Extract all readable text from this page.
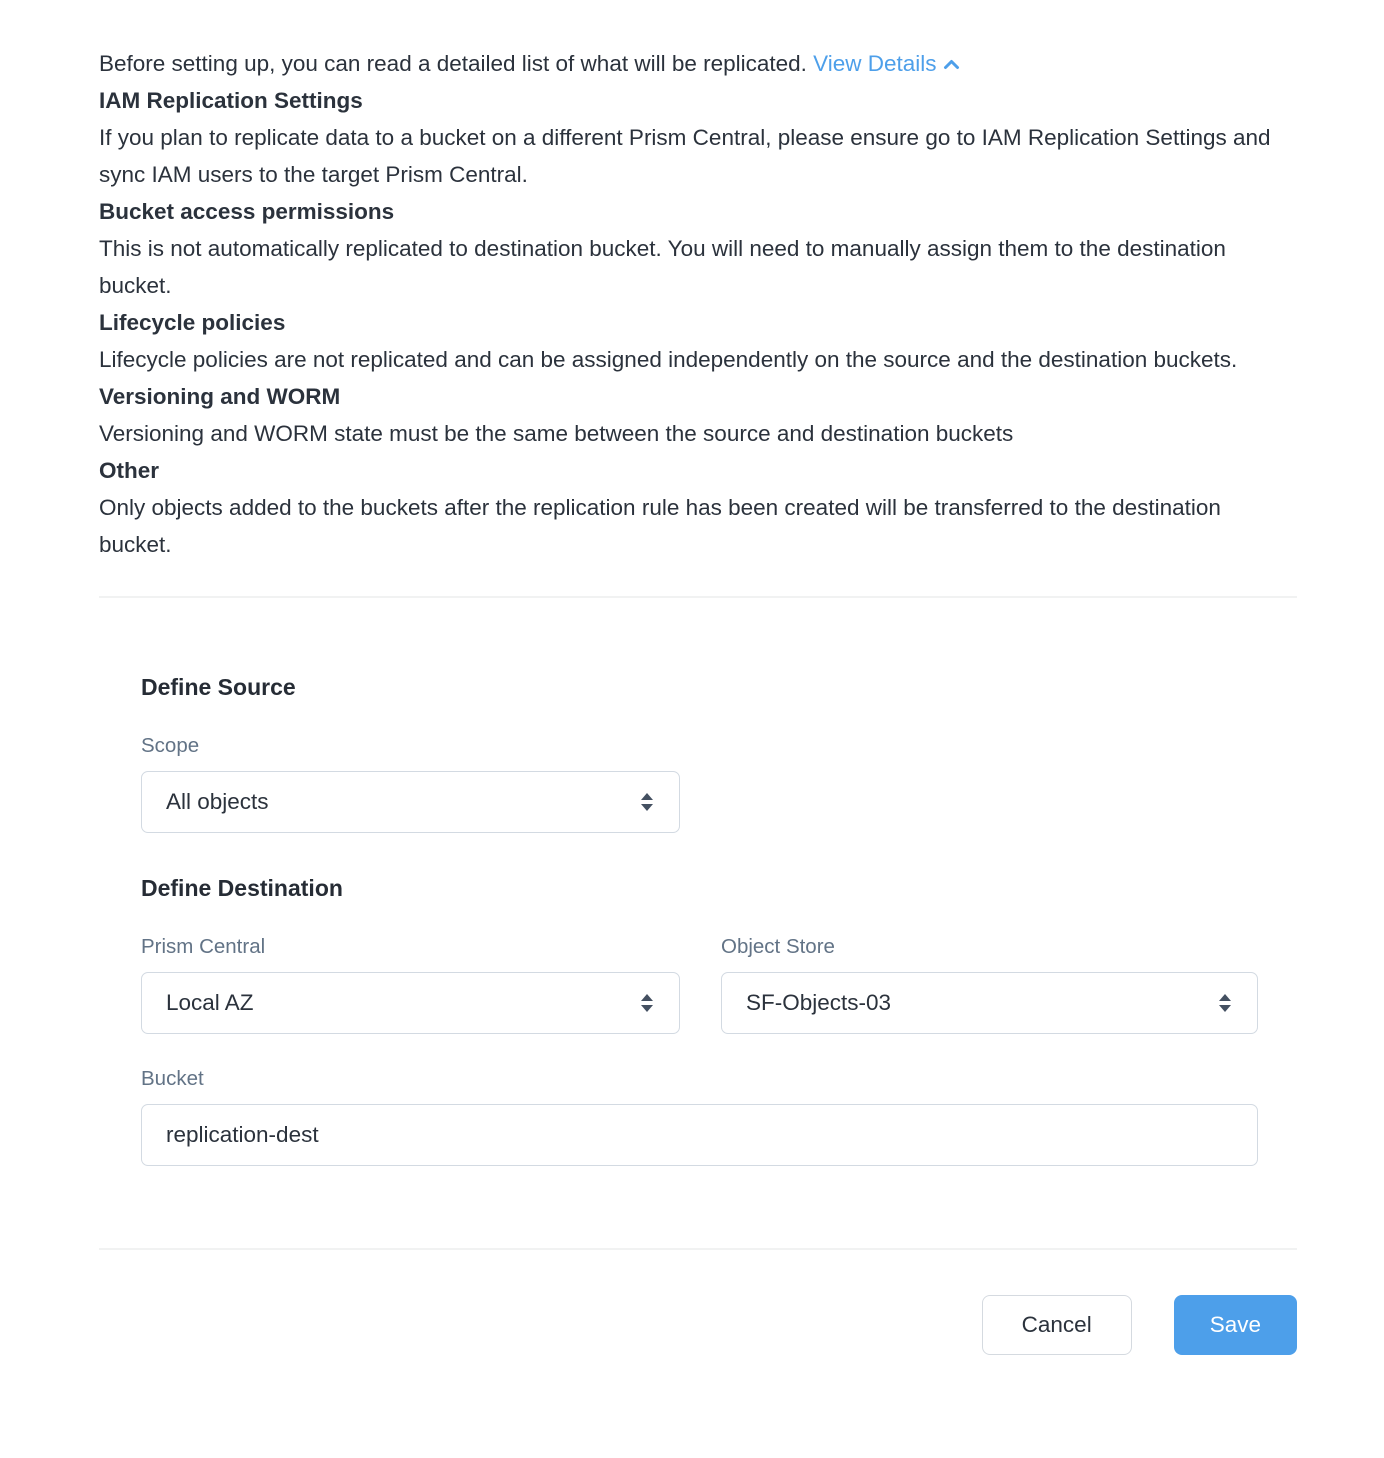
Before setting up, you can read a detailed list of what will be replicated. View Details

IAM Replication Settings

If you plan to replicate data to a bucket on a different Prism Central, please ensure go to IAM Replication Settings and sync IAM users to the target Prism Central.

Bucket access permissions

This is not automatically replicated to destination bucket. You will need to manually assign them to the destination bucket.

Lifecycle policies

Lifecycle policies are not replicated and can be assigned independently on the source and the destination buckets.

Versioning and WORM

Versioning and WORM state must be the same between the source and destination buckets

Other

Only objects added to the buckets after the replication rule has been created will be transferred to the destination bucket.

Define Source
Scope
All objects
Define Destination
Prism Central
Local AZ
Object Store
SF-Objects-03
Bucket
replication-dest
Cancel	Save
